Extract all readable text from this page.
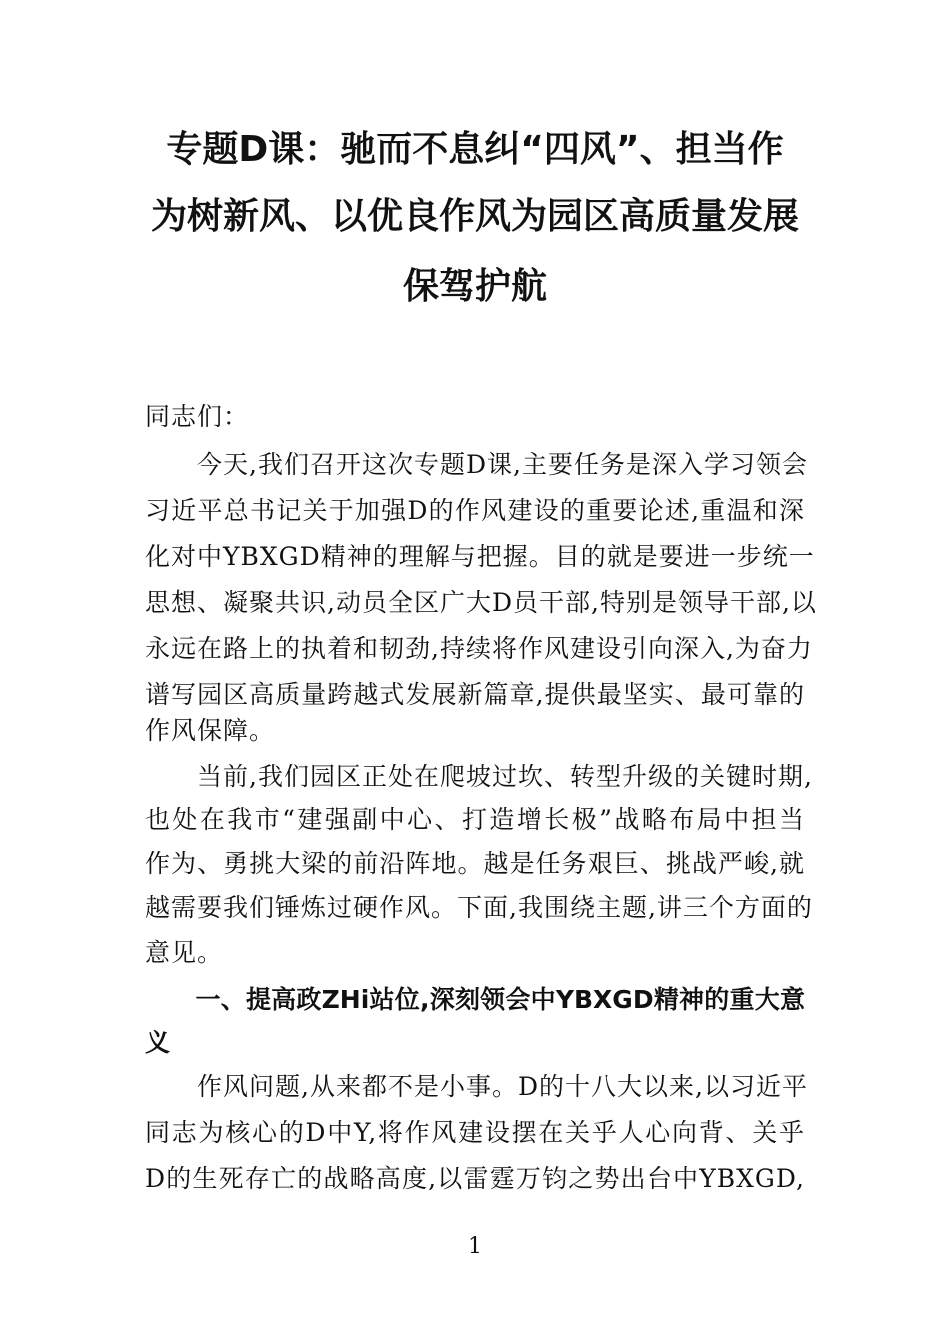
专题D课：驰而不息纠“四风”、担当作
为树新风、以优良作风为园区高质量发展
保驾护航
同志们：
　　今天,我们召开这次专题D课,主要任务是深入学习领会
习近平总书记关于加强D的作风建设的重要论述,重温和深
化对中YBXGD精神的理解与把握。目的就是要进一步统一
思想、凝聚共识,动员全区广大D员干部,特别是领导干部,以
永远在路上的执着和韧劲,持续将作风建设引向深入,为奋力
谱写园区高质量跨越式发展新篇章,提供最坚实、最可靠的
作风保障。
　　当前,我们园区正处在爬坡过坎、转型升级的关键时期,
也处在我市“建强副中心、打造增长极”战略布局中担当
作为、勇挑大梁的前沿阵地。越是任务艰巨、挑战严峻,就
越需要我们锤炼过硬作风。下面,我围绕主题,讲三个方面的
意见。
　　一、提高政ZHi站位,深刻领会中YBXGD精神的重大意
义
　　作风问题,从来都不是小事。D的十八大以来,以习近平
同志为核心的D中Y,将作风建设摆在关乎人心向背、关乎
D的生死存亡的战略高度,以雷霆万钧之势出台中YBXGD,
1
